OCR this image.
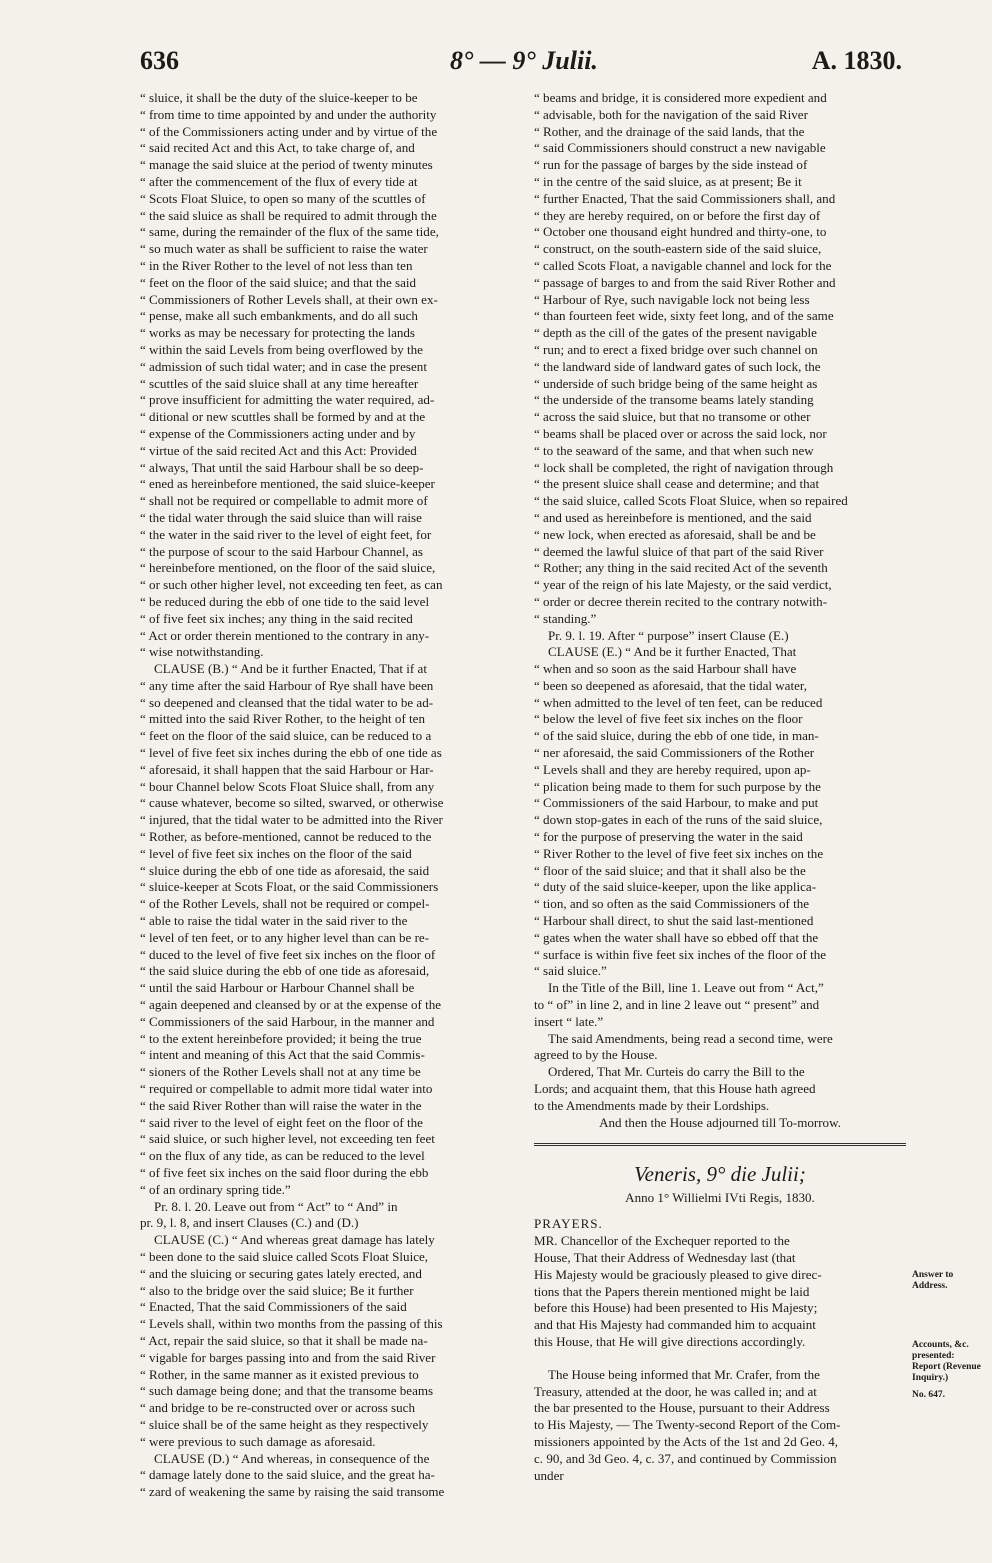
636	8° — 9° Julii.	A. 1830.
“ sluice, it shall be the duty of the sluice-keeper to be
“ from time to time appointed by and under the authority
“ of the Commissioners acting under and by virtue of the
“ said recited Act and this Act, to take charge of, and
“ manage the said sluice at the period of twenty minutes
“ after the commencement of the flux of every tide at
“ Scots Float Sluice, to open so many of the scuttles of
“ the said sluice as shall be required to admit through the
“ same, during the remainder of the flux of the same tide,
“ so much water as shall be sufficient to raise the water
“ in the River Rother to the level of not less than ten
“ feet on the floor of the said sluice; and that the said
“ Commissioners of Rother Levels shall, at their own ex-
“ pense, make all such embankments, and do all such
“ works as may be necessary for protecting the lands
“ within the said Levels from being overflowed by the
“ admission of such tidal water; and in case the present
“ scuttles of the said sluice shall at any time hereafter
“ prove insufficient for admitting the water required, ad-
“ ditional or new scuttles shall be formed by and at the
“ expense of the Commissioners acting under and by
“ virtue of the said recited Act and this Act: Provided
“ always, That until the said Harbour shall be so deep-
“ ened as hereinbefore mentioned, the said sluice-keeper
“ shall not be required or compellable to admit more of
“ the tidal water through the said sluice than will raise
“ the water in the said river to the level of eight feet, for
“ the purpose of scour to the said Harbour Channel, as
“ hereinbefore mentioned, on the floor of the said sluice,
“ or such other higher level, not exceeding ten feet, as can
“ be reduced during the ebb of one tide to the said level
“ of five feet six inches; any thing in the said recited
“ Act or order therein mentioned to the contrary in any-
“ wise notwithstanding.
CLAUSE (B.) “ And be it further Enacted, That if at
“ any time after the said Harbour of Rye shall have been
“ so deepened and cleansed that the tidal water to be ad-
“ mitted into the said River Rother, to the height of ten
“ feet on the floor of the said sluice, can be reduced to a
“ level of five feet six inches during the ebb of one tide as
“ aforesaid, it shall happen that the said Harbour or Har-
“ bour Channel below Scots Float Sluice shall, from any
“ cause whatever, become so silted, swarved, or otherwise
“ injured, that the tidal water to be admitted into the River
“ Rother, as before-mentioned, cannot be reduced to the
“ level of five feet six inches on the floor of the said
“ sluice during the ebb of one tide as aforesaid, the said
“ sluice-keeper at Scots Float, or the said Commissioners
“ of the Rother Levels, shall not be required or compel-
“ able to raise the tidal water in the said river to the
“ level of ten feet, or to any higher level than can be re-
“ duced to the level of five feet six inches on the floor of
“ the said sluice during the ebb of one tide as aforesaid,
“ until the said Harbour or Harbour Channel shall be
“ again deepened and cleansed by or at the expense of the
“ Commissioners of the said Harbour, in the manner and
“ to the extent hereinbefore provided; it being the true
“ intent and meaning of this Act that the said Commis-
“ sioners of the Rother Levels shall not at any time be
“ required or compellable to admit more tidal water into
“ the said River Rother than will raise the water in the
“ said river to the level of eight feet on the floor of the
“ said sluice, or such higher level, not exceeding ten feet
“ on the flux of any tide, as can be reduced to the level
“ of five feet six inches on the said floor during the ebb
“ of an ordinary spring tide.”
Pr. 8. l. 20. Leave out from “ Act” to “ And” in
pr. 9, l. 8, and insert Clauses (C.) and (D.)
CLAUSE (C.) “ And whereas great damage has lately
“ been done to the said sluice called Scots Float Sluice,
“ and the sluicing or securing gates lately erected, and
“ also to the bridge over the said sluice; Be it further
“ Enacted, That the said Commissioners of the said
“ Levels shall, within two months from the passing of this
“ Act, repair the said sluice, so that it shall be made na-
“ vigable for barges passing into and from the said River
“ Rother, in the same manner as it existed previous to
“ such damage being done; and that the transome beams
“ and bridge to be re-constructed over or across such
“ sluice shall be of the same height as they respectively
“ were previous to such damage as aforesaid.
CLAUSE (D.) “ And whereas, in consequence of the
“ damage lately done to the said sluice, and the great ha-
“ zard of weakening the same by raising the said transome
“ beams and bridge, it is considered more expedient and
“ advisable, both for the navigation of the said River
“ Rother, and the drainage of the said lands, that the
“ said Commissioners should construct a new navigable
“ run for the passage of barges by the side instead of
“ in the centre of the said sluice, as at present; Be it
“ further Enacted, That the said Commissioners shall, and
“ they are hereby required, on or before the first day of
“ October one thousand eight hundred and thirty-one, to
“ construct, on the south-eastern side of the said sluice,
“ called Scots Float, a navigable channel and lock for the
“ passage of barges to and from the said River Rother and
“ Harbour of Rye, such navigable lock not being less
“ than fourteen feet wide, sixty feet long, and of the same
“ depth as the cill of the gates of the present navigable
“ run; and to erect a fixed bridge over such channel on
“ the landward side of landward gates of such lock, the
“ underside of such bridge being of the same height as
“ the underside of the transome beams lately standing
“ across the said sluice, but that no transome or other
“ beams shall be placed over or across the said lock, nor
“ to the seaward of the same, and that when such new
“ lock shall be completed, the right of navigation through
“ the present sluice shall cease and determine; and that
“ the said sluice, called Scots Float Sluice, when so repaired
“ and used as hereinbefore is mentioned, and the said
“ new lock, when erected as aforesaid, shall be and be
“ deemed the lawful sluice of that part of the said River
“ Rother; any thing in the said recited Act of the seventh
“ year of the reign of his late Majesty, or the said verdict,
“ order or decree therein recited to the contrary notwith-
“ standing.”
Pr. 9. l. 19. After “ purpose” insert Clause (E.)
CLAUSE (E.) “ And be it further Enacted, That
“ when and so soon as the said Harbour shall have
“ been so deepened as aforesaid, that the tidal water,
“ when admitted to the level of ten feet, can be reduced
“ below the level of five feet six inches on the floor
“ of the said sluice, during the ebb of one tide, in man-
“ ner aforesaid, the said Commissioners of the Rother
“ Levels shall and they are hereby required, upon ap-
“ plication being made to them for such purpose by the
“ Commissioners of the said Harbour, to make and put
“ down stop-gates in each of the runs of the said sluice,
“ for the purpose of preserving the water in the said
“ River Rother to the level of five feet six inches on the
“ floor of the said sluice; and that it shall also be the
“ duty of the said sluice-keeper, upon the like applica-
“ tion, and so often as the said Commissioners of the
“ Harbour shall direct, to shut the said last-mentioned
“ gates when the water shall have so ebbed off that the
“ surface is within five feet six inches of the floor of the
“ said sluice.”
In the Title of the Bill, line 1. Leave out from “ Act,”
to “ of” in line 2, and in line 2 leave out “ present” and
insert “ late.”
The said Amendments, being read a second time, were
agreed to by the House.
Ordered, That Mr. Curteis do carry the Bill to the
Lords; and acquaint them, that this House hath agreed
to the Amendments made by their Lordships.
And then the House adjourned till To-morrow.
Veneris, 9° die Julii;
Anno 1° Willielmi IVti Regis, 1830.
PRAYERS.
MR. Chancellor of the Exchequer reported to the
House, That their Address of Wednesday last (that
His Majesty would be graciously pleased to give direc-
tions that the Papers therein mentioned might be laid
before this House) had been presented to His Majesty;
and that His Majesty had commanded him to acquaint
this House, that He will give directions accordingly.
The House being informed that Mr. Crafer, from the
Treasury, attended at the door, he was called in; and at
the bar presented to the House, pursuant to their Address
to His Majesty, — The Twenty-second Report of the Com-
missioners appointed by the Acts of the 1st and 2d Geo. 4,
c. 90, and 3d Geo. 4, c. 37, and continued by Commission
under
Answer to Address.
Accounts, &c. presented: Report (Revenue Inquiry.)
No. 647.
